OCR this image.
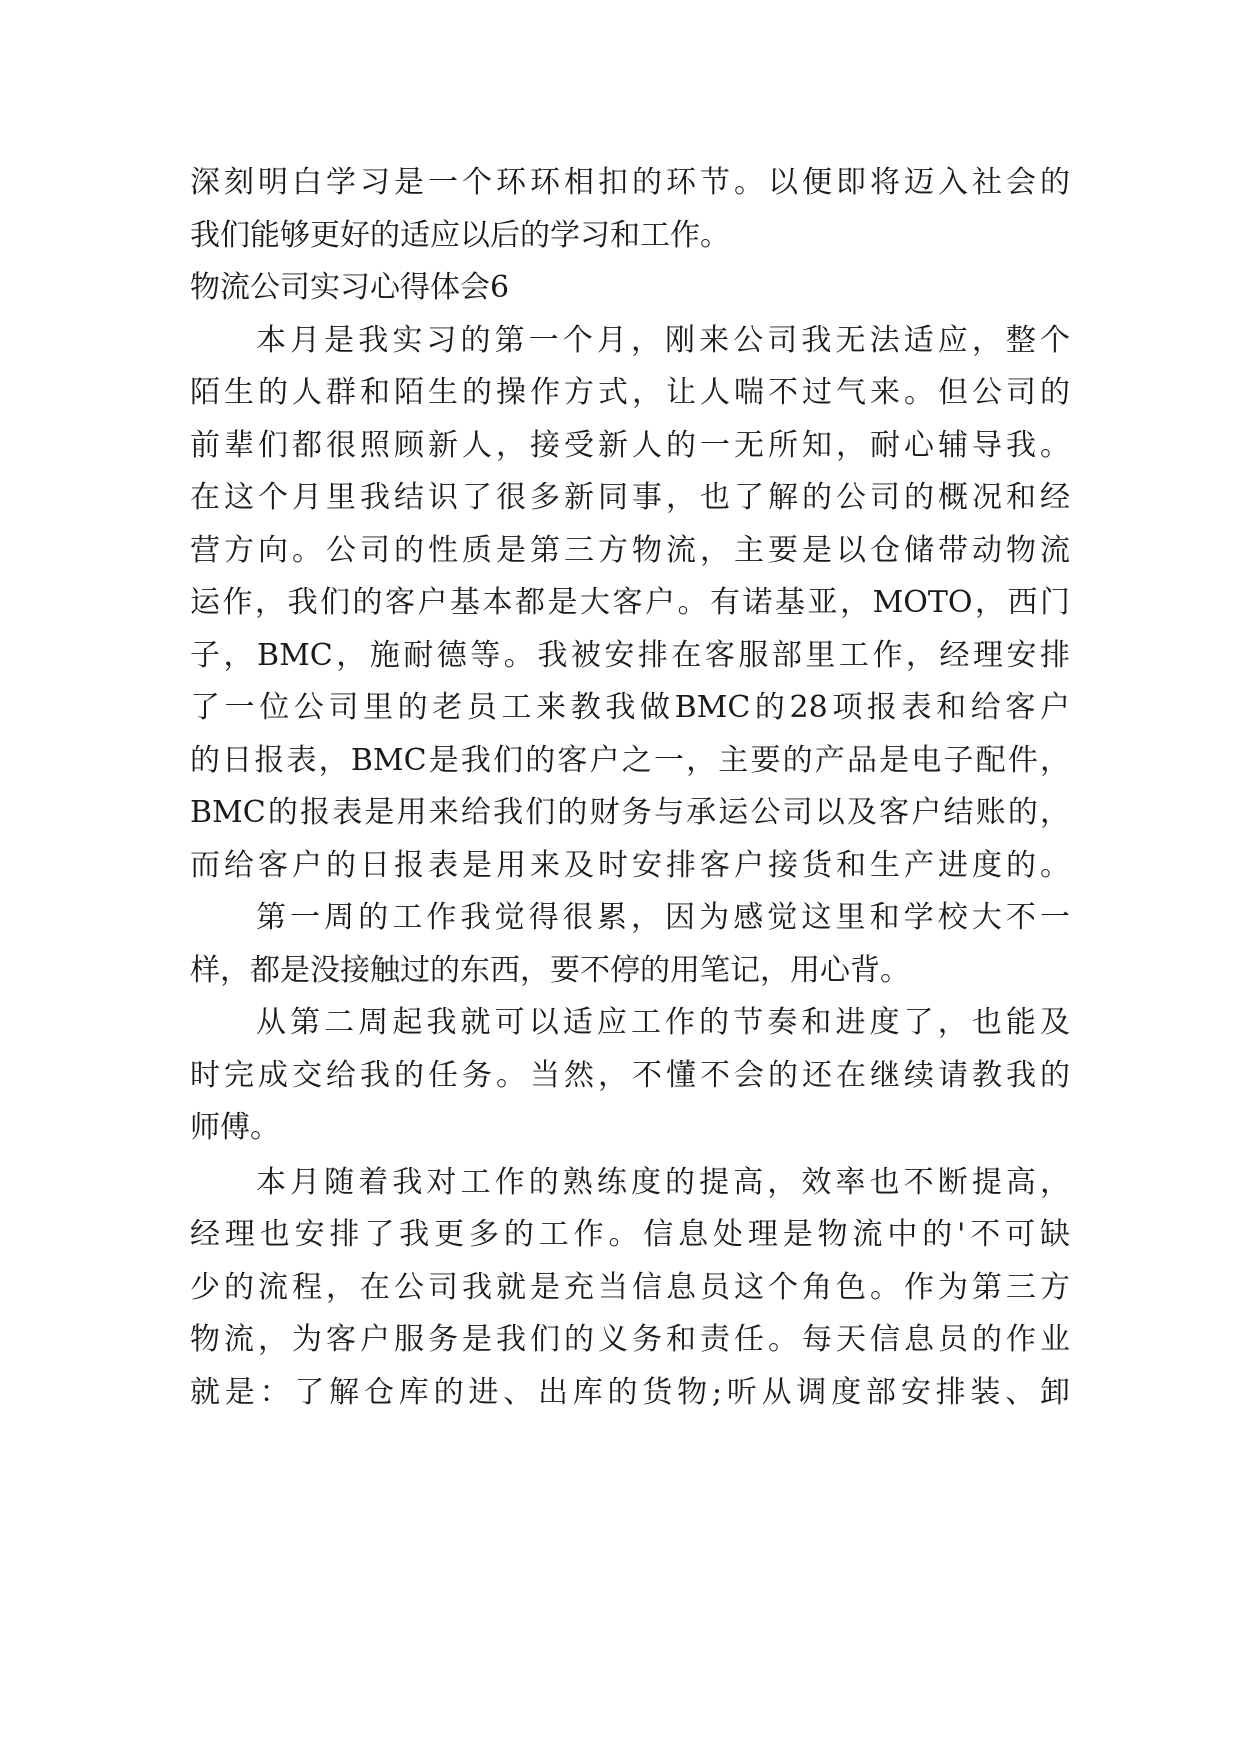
深刻明白学习是一个环环相扣的环节。以便即将迈入社会的
我们能够更好的适应以后的学习和工作。
物流公司实习心得体会6
本月是我实习的第一个月，刚来公司我无法适应，整个
陌生的人群和陌生的操作方式，让人喘不过气来。但公司的
前辈们都很照顾新人，接受新人的一无所知，耐心辅导我。
在这个月里我结识了很多新同事，也了解的公司的概况和经
营方向。公司的性质是第三方物流，主要是以仓储带动物流
运作，我们的客户基本都是大客户。有诺基亚，MOTO，西门
子，BMC，施耐德等。我被安排在客服部里工作，经理安排
了一位公司里的老员工来教我做BMC的28项报表和给客户
的日报表，BMC是我们的客户之一，主要的产品是电子配件，
BMC的报表是用来给我们的财务与承运公司以及客户结账的，
而给客户的日报表是用来及时安排客户接货和生产进度的。
第一周的工作我觉得很累，因为感觉这里和学校大不一
样，都是没接触过的东西，要不停的用笔记，用心背。
从第二周起我就可以适应工作的节奏和进度了，也能及
时完成交给我的任务。当然，不懂不会的还在继续请教我的
师傅。
本月随着我对工作的熟练度的提高，效率也不断提高，
经理也安排了我更多的工作。信息处理是物流中的'不可缺
少的流程，在公司我就是充当信息员这个角色。作为第三方
物流，为客户服务是我们的义务和责任。每天信息员的作业
就是：了解仓库的进、出库的货物;听从调度部安排装、卸
